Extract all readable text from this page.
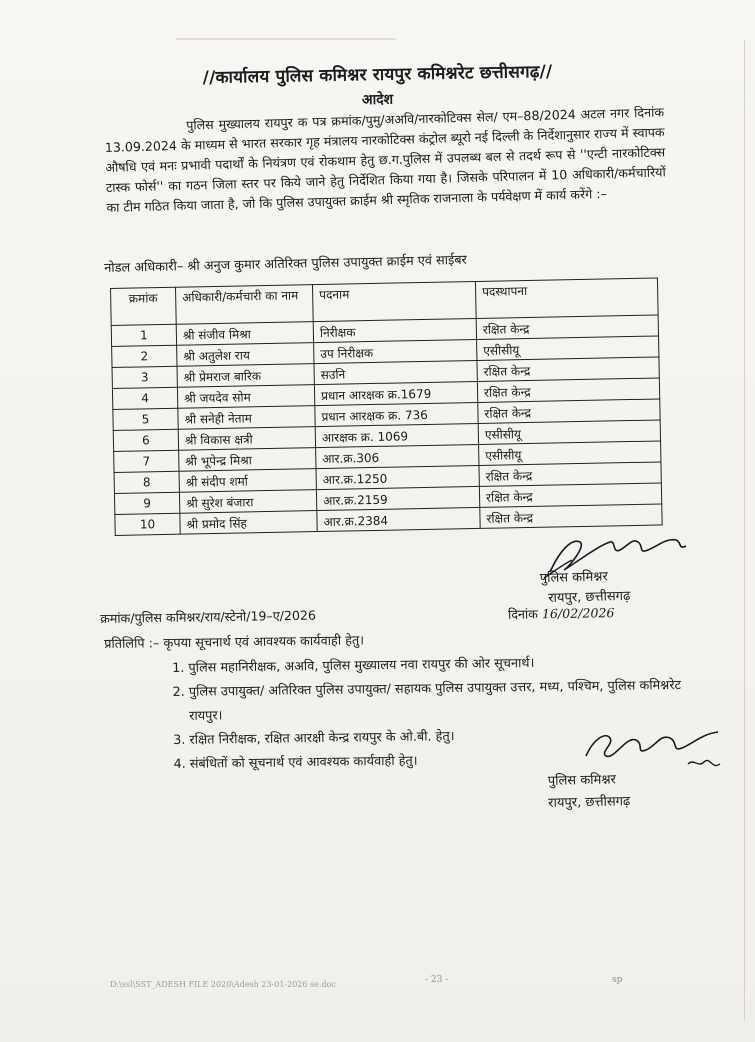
//कार्यालय पुलिस कमिश्नर रायपुर कमिश्नरेट छत्तीसगढ़//
आदेश
पुलिस मुख्यालय रायपुर क पत्र क्रमांक/पुमु/अअवि/नारकोटिक्स सेल/ एम–88/2024 अटल नगर दिनांक 13.09.2024 के माध्यम से भारत सरकार गृह मंत्रालय नारकोटिक्स कंट्रोल ब्यूरो नई दिल्ली के निर्देशानुसार राज्य में स्वापक औषधि एवं मनः प्रभावी पदार्थों के नियंत्रण एवं रोकथाम हेतु छ.ग.पुलिस में उपलब्ध बल से तदर्थ रूप से ''एन्टी नारकोटिक्स टास्क फोर्स'' का गठन जिला स्तर पर किये जाने हेतु निर्देशित किया गया है। जिसके परिपालन में 10 अधिकारी/कर्मचारियों का टीम गठित किया जाता है, जो कि पुलिस उपायुक्त क्राईम श्री स्मृतिक राजनाला के पर्यवेक्षण में कार्य करेंगे :–
नोडल अधिकारी– श्री अनुज कुमार अतिरिक्त पुलिस उपायुक्त क्राईम एवं साईबर
क्रमांक	अधिकारी/कर्मचारी का नाम	पदनाम	पदस्थापना
1	श्री संजीव मिश्रा	निरीक्षक	रक्षित केन्द्र
2	श्री अतुलेश राय	उप निरीक्षक	एसीसीयू
3	श्री प्रेमराज बारिक	सउनि	रक्षित केन्द्र
4	श्री जयदेव सोम	प्रधान आरक्षक क्र.1679	रक्षित केन्द्र
5	श्री सनेही नेताम	प्रधान आरक्षक क्र. 736	रक्षित केन्द्र
6	श्री विकास क्षत्री	आरक्षक क्र. 1069	एसीसीयू
7	श्री भूपेन्द्र मिश्रा	आर.क्र.306	एसीसीयू
8	श्री संदीप शर्मा	आर.क्र.1250	रक्षित केन्द्र
9	श्री सुरेश बंजारा	आर.क्र.2159	रक्षित केन्द्र
10	श्री प्रमोद सिंह	आर.क्र.2384	रक्षित केन्द्र
पुलिस कमिश्नर
रायपुर, छत्तीसगढ़
क्रमांक/पुलिस कमिश्नर/राय/स्टेनो/19–ए/2026	दिनांक 16/02/2026
प्रतिलिपि :– कृपया सूचनार्थ एवं आवश्यक कार्यवाही हेतु।
1. पुलिस महानिरीक्षक, अअवि, पुलिस मुख्यालय नवा रायपुर की ओर सूचनार्थ।
2. पुलिस उपायुक्त/ अतिरिक्त पुलिस उपायुक्त/ सहायक पुलिस उपायुक्त उत्तर, मध्य, पश्चिम, पुलिस कमिश्नरेट रायपुर।
3. रक्षित निरीक्षक, रक्षित आरक्षी केन्द्र रायपुर के ओ.बी. हेतु।
4. संबंधितों को सूचनार्थ एवं आवश्यक कार्यवाही हेतु।
पुलिस कमिश्नर
रायपुर, छत्तीसगढ़
D:\ssl\SST_ADESH FILE 2020\Adesh 23-01-2026 se.doc	- 23 -	sp
